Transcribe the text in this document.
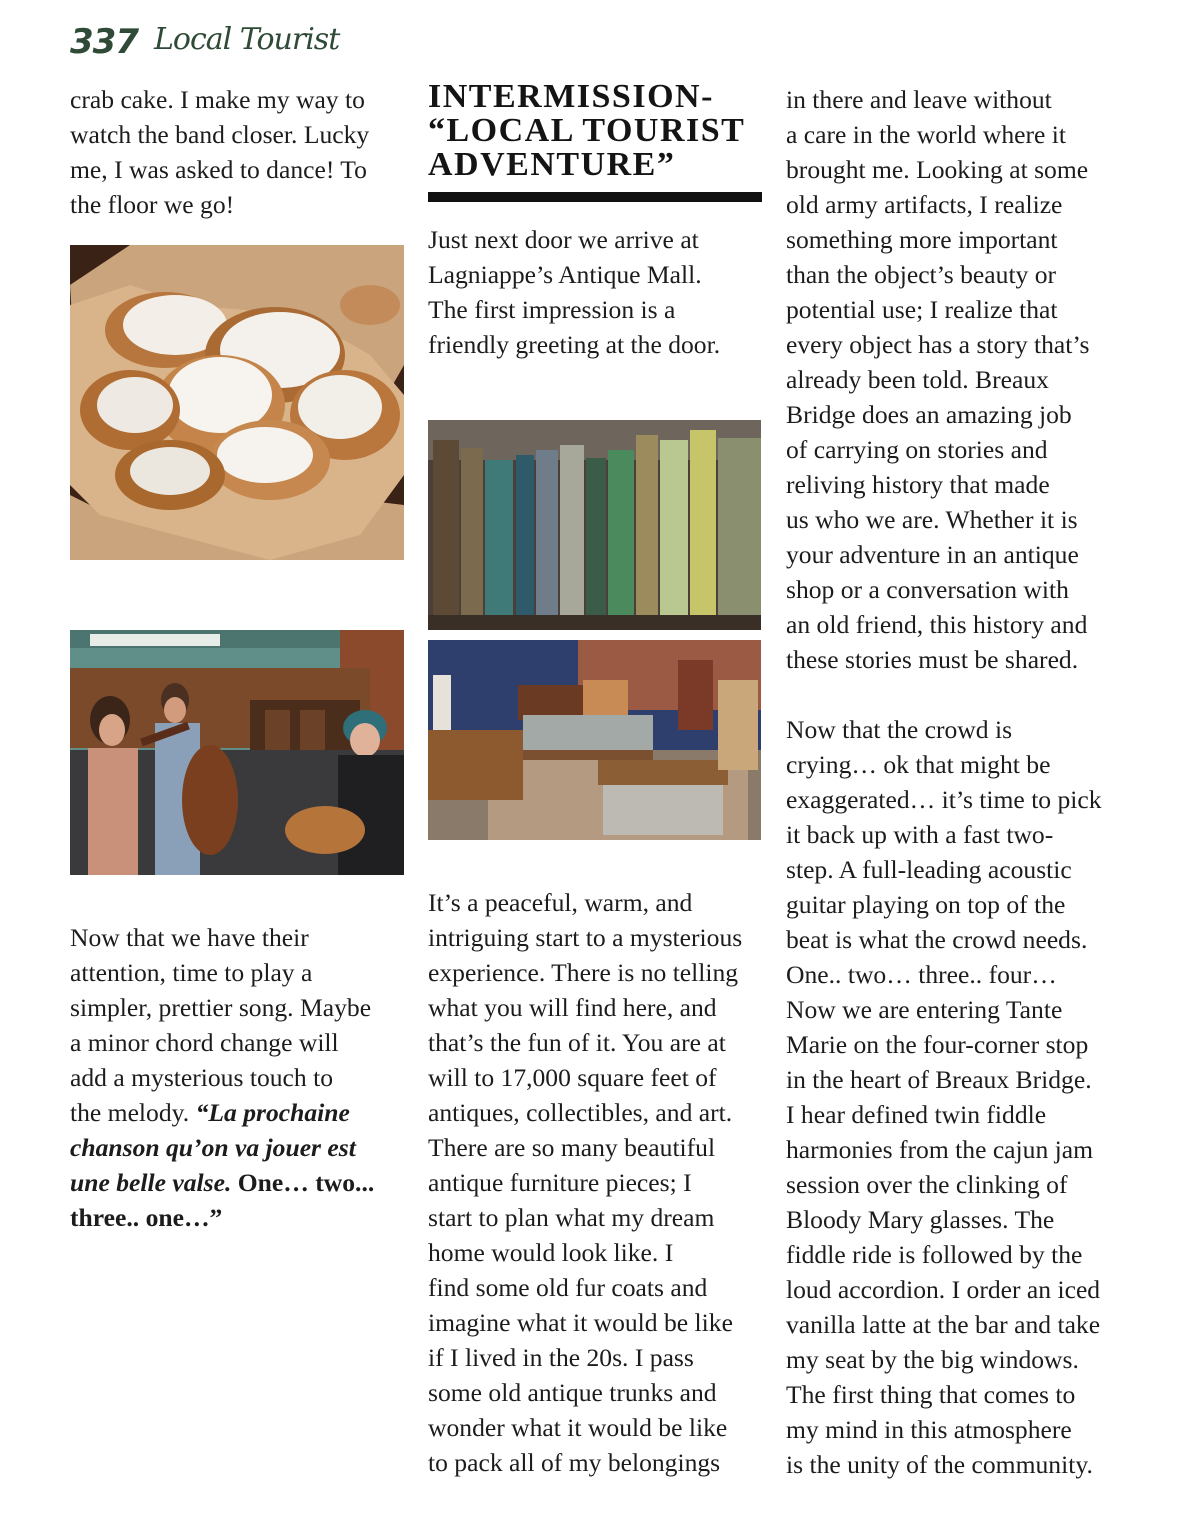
337 Local Tourist

crab cake. I make my way to
watch the band closer. Lucky
me, I was asked to dance! To
the floor we go!

Now that we have their
attention, time to play a
simpler, prettier song. Maybe
a minor chord change will
add a mysterious touch to
the melody. “La prochaine
chanson qu’on va jouer est
une belle valse. One… two...
three.. one…”

INTERMISSION-
“LOCAL TOURIST
ADVENTURE”

Just next door we arrive at
Lagniappe’s Antique Mall.
The first impression is a
friendly greeting at the door.

It’s a peaceful, warm, and
intriguing start to a mysterious
experience. There is no telling
what you will find here, and
that’s the fun of it. You are at
will to 17,000 square feet of
antiques, collectibles, and art.
There are so many beautiful
antique furniture pieces; I
start to plan what my dream
home would look like. I
find some old fur coats and
imagine what it would be like
if I lived in the 20s. I pass
some old antique trunks and
wonder what it would be like
to pack all of my belongings

in there and leave without
a care in the world where it
brought me. Looking at some
old army artifacts, I realize
something more important
than the object’s beauty or
potential use; I realize that
every object has a story that’s
already been told. Breaux
Bridge does an amazing job
of carrying on stories and
reliving history that made
us who we are. Whether it is
your adventure in an antique
shop or a conversation with
an old friend, this history and
these stories must be shared.

Now that the crowd is
crying… ok that might be
exaggerated… it’s time to pick
it back up with a fast two-
step. A full-leading acoustic
guitar playing on top of the
beat is what the crowd needs.
One.. two… three.. four…
Now we are entering Tante
Marie on the four-corner stop
in the heart of Breaux Bridge.
I hear defined twin fiddle
harmonies from the cajun jam
session over the clinking of
Bloody Mary glasses. The
fiddle ride is followed by the
loud accordion. I order an iced
vanilla latte at the bar and take
my seat by the big windows.
The first thing that comes to
my mind in this atmosphere
is the unity of the community.
